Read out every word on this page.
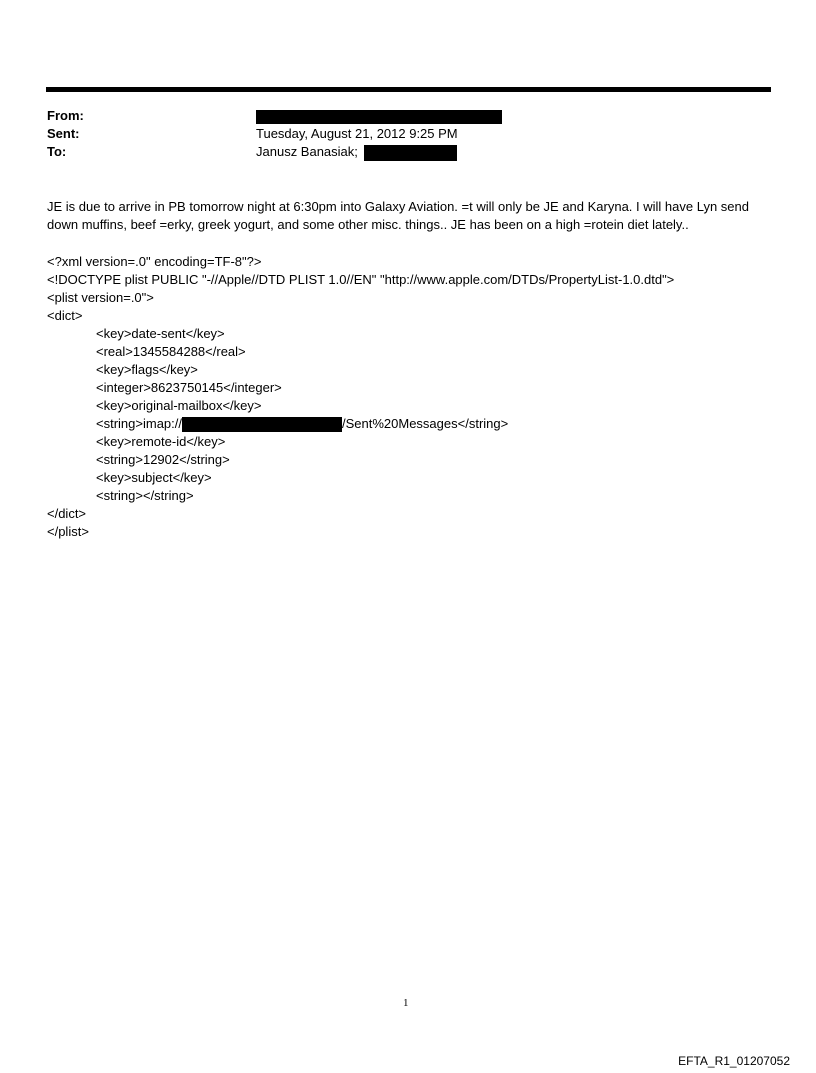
From:
Sent:	Tuesday, August 21, 2012 9:25 PM
To:	Janusz Banasiak;
JE is due to arrive in PB tomorrow night at 6:30pm into Galaxy Aviation. =t will only be JE and Karyna. I will have Lyn send down muffins, beef =erky, greek yogurt, and some other misc. things.. JE has been on a high =rotein diet lately..
<?xml version=.0" encoding=TF-8"?>
<!DOCTYPE plist PUBLIC "-//Apple//DTD PLIST 1.0//EN" "http://www.apple.com/DTDs/PropertyList-1.0.dtd">
<plist version=.0">
<dict>
<key>date-sent</key>
<real>1345584288</real>
<key>flags</key>
<integer>8623750145</integer>
<key>original-mailbox</key>
<string>imap://	/Sent%20Messages</string>
<key>remote-id</key>
<string>12902</string>
<key>subject</key>
<string></string>
</dict>
</plist>
1
EFTA_R1_01207052
